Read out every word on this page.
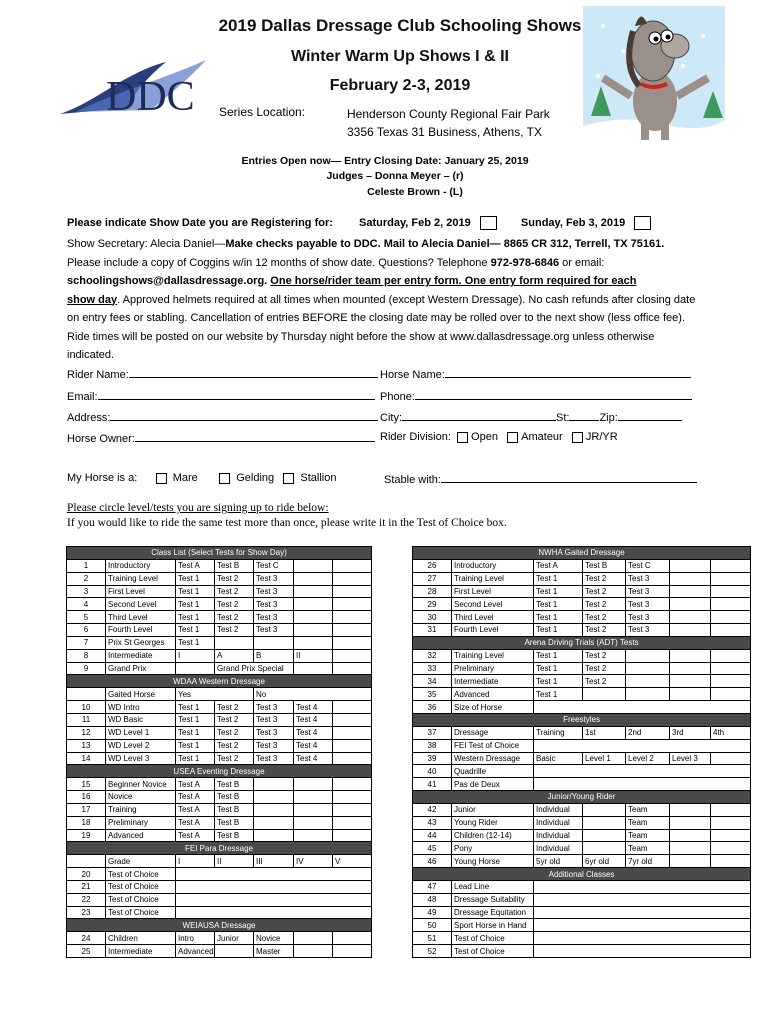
2019 Dallas Dressage Club Schooling Shows
Winter Warm Up Shows I & II
February 2-3, 2019
DDC Series Location:	Henderson County Regional Fair Park
3356 Texas 31 Business, Athens, TX
Entries Open now— Entry Closing Date: January 25, 2019
Judges – Donna Meyer – (r)
Celeste Brown - (L)
Please indicate Show Date you are Registering for: Saturday, Feb 2, 2019	Sunday, Feb 3, 2019
Show Secretary: Alecia Daniel—Make checks payable to DDC. Mail to Alecia Daniel— 8865 CR 312, Terrell, TX 75161.
Please include a copy of Coggins w/in 12 months of show date. Questions? Telephone 972-978-6846 or email:
schoolingshows@dallasdressage.org. One horse/rider team per entry form. One entry form required for each
show day. Approved helmets required at all times when mounted (except Western Dressage). No cash refunds after closing date on entry fees or stabling. Cancellation of entries BEFORE the closing date may be rolled over to the next show (less office fee). Ride times will be posted on our website by Thursday night before the show at www.dallasdressage.org unless otherwise indicated.
Rider Name:	Horse Name:
Email:	Phone:
Address:	City:	St:	Zip:
Horse Owner:	Rider Division: Open Amateur JR/YR
My Horse is a:	Mare	Gelding Stallion	Stable with:
Please circle level/tests you are signing up to ride below:
If you would like to ride the same test more than once, please write it in the Test of Choice box.
Class List (Select Tests for Show Day)						
1	Introductory	Test A	Test B	Test C		
2	Training Level	Test 1	Test 2	Test 3		
3	First Level	Test 1	Test 2	Test 3		
4	Second Level	Test 1	Test 2	Test 3		
5	Third Level	Test 1	Test 2	Test 3		
6	Fourth Level	Test 1	Test 2	Test 3		
7	Prix St Georges	Test 1				
8	Intermediate	I	A	B	II	
9	Grand Prix		Grand Prix Special			
WDAA Western Dressage						
	Gaited Horse	Yes		No		
10	WD Intro	Test 1	Test 2	Test 3	Test 4	
11	WD Basic	Test 1	Test 2	Test 3	Test 4	
12	WD Level 1	Test 1	Test 2	Test 3	Test 4	
13	WD Level 2	Test 1	Test 2	Test 3	Test 4	
14	WD Level 3	Test 1	Test 2	Test 3	Test 4	
USEA Eventing Dressage						
15	Beginner Novice	Test A	Test B			
16	Novice	Test A	Test B			
17	Training	Test A	Test B			
18	Preliminary	Test A	Test B			
19	Advanced	Test A	Test B			
FEI Para Dressage						
	Grade	I	II	III	IV	V
20	Test of Choice					
21	Test of Choice					
22	Test of Choice					
23	Test of Choice					
WEIAUSA Dressage						
24	Children	Intro	Junior	Novice		
25	Intermediate	Advanced		Master		
NWHA Gaited Dressage						
26	Introductory	Test A	Test B	Test C		
27	Training Level	Test 1	Test 2	Test 3		
28	First Level	Test 1	Test 2	Test 3		
29	Second Level	Test 1	Test 2	Test 3		
30	Third Level	Test 1	Test 2	Test 3		
31	Fourth Level	Test 1	Test 2	Test 3		
Arena Driving Trials (ADT) Tests						
32	Training Level	Test 1	Test 2			
33	Preliminary	Test 1	Test 2			
34	Intermediate	Test 1	Test 2			
35	Advanced	Test 1				
36	Size of Horse					
Freestyles						
37	Dressage	Training	1st	2nd	3rd	4th
38	FEI Test of Choice					
39	Western Dressage	Basic	Level 1	Level 2	Level 3	
40	Quadrille					
41	Pas de Deux					
Junior/Young Rider						
42	Junior	Individual		Team		
43	Young Rider	Individual		Team		
44	Children (12-14)	Individual		Team		
45	Pony	Individual		Team		
46	Young Horse	5yr old	6yr old	7yr old		
Additional Classes						
47	Lead Line					
48	Dressage Suitability					
49	Dressage Equitation					
50	Sport Horse in Hand					
51	Test of Choice					
52	Test of Choice					
